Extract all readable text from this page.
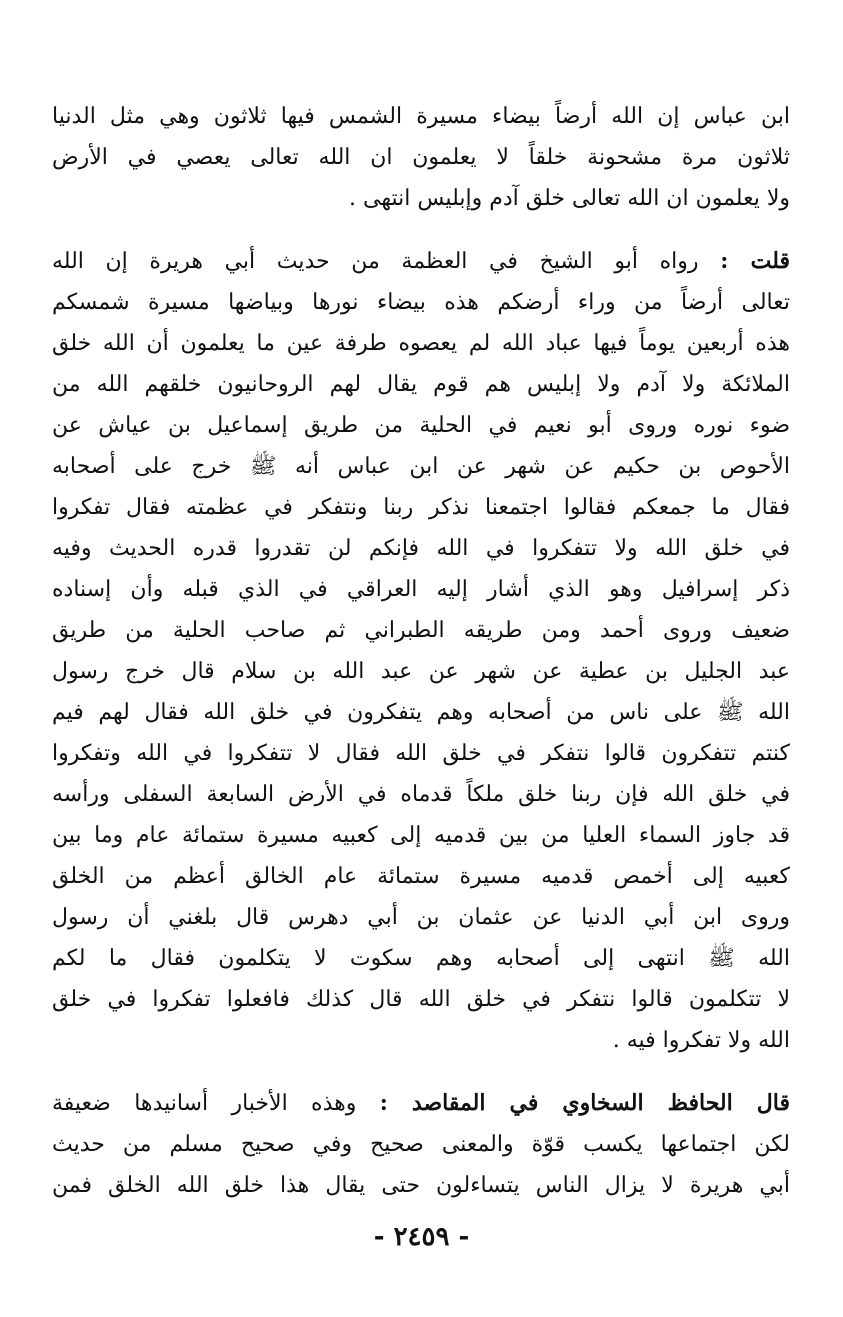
ابن عباس إن الله أرضاً بيضاء مسيرة الشمس فيها ثلاثون وهي مثل الدنيا
ثلاثون مرة مشحونة خلقاً لا يعلمون ان الله تعالى يعصي في الأرض
ولا يعلمون ان الله تعالى خلق آدم وإبليس انتهى .
قلت : رواه أبو الشيخ في العظمة من حديث أبي هريرة إن الله
تعالى أرضاً من وراء أرضكم هذه بيضاء نورها وبياضها مسيرة شمسكم
هذه أربعين يوماً فيها عباد الله لم يعصوه طرفة عين ما يعلمون أن الله خلق
الملائكة ولا آدم ولا إبليس هم قوم يقال لهم الروحانيون خلقهم الله من
ضوء نوره وروى أبو نعيم في الحلية من طريق إسماعيل بن عياش عن
الأحوص بن حكيم عن شهر عن ابن عباس أنه ﷺ خرج على أصحابه
فقال ما جمعكم فقالوا اجتمعنا نذكر ربنا ونتفكر في عظمته فقال تفكروا
في خلق الله ولا تتفكروا في الله فإنكم لن تقدروا قدره الحديث وفيه
ذكر إسرافيل وهو الذي أشار إليه العراقي في الذي قبله وأن إسناده
ضعيف وروى أحمد ومن طريقه الطبراني ثم صاحب الحلية من طريق
عبد الجليل بن عطية عن شهر عن عبد الله بن سلام قال خرج رسول
الله ﷺ على ناس من أصحابه وهم يتفكرون في خلق الله فقال لهم فيم
كنتم تتفكرون قالوا نتفكر في خلق الله فقال لا تتفكروا في الله وتفكروا
في خلق الله فإن ربنا خلق ملكاً قدماه في الأرض السابعة السفلى ورأسه
قد جاوز السماء العليا من بين قدميه إلى كعبيه مسيرة ستمائة عام وما بين
كعبيه إلى أخمص قدميه مسيرة ستمائة عام الخالق أعظم من الخلق
وروى ابن أبي الدنيا عن عثمان بن أبي دهرس قال بلغني أن رسول
الله ﷺ انتهى إلى أصحابه وهم سكوت لا يتكلمون فقال ما لكم
لا تتكلمون قالوا نتفكر في خلق الله قال كذلك فافعلوا تفكروا في خلق
الله ولا تفكروا فيه .
قال الحافظ السخاوي في المقاصد : وهذه الأخبار أسانيدها ضعيفة
لكن اجتماعها يكسب قوّة والمعنى صحيح وفي صحيح مسلم من حديث
أبي هريرة لا يزال الناس يتساءلون حتى يقال هذا خلق الله الخلق فمن
- ٢٤٥٩ -
